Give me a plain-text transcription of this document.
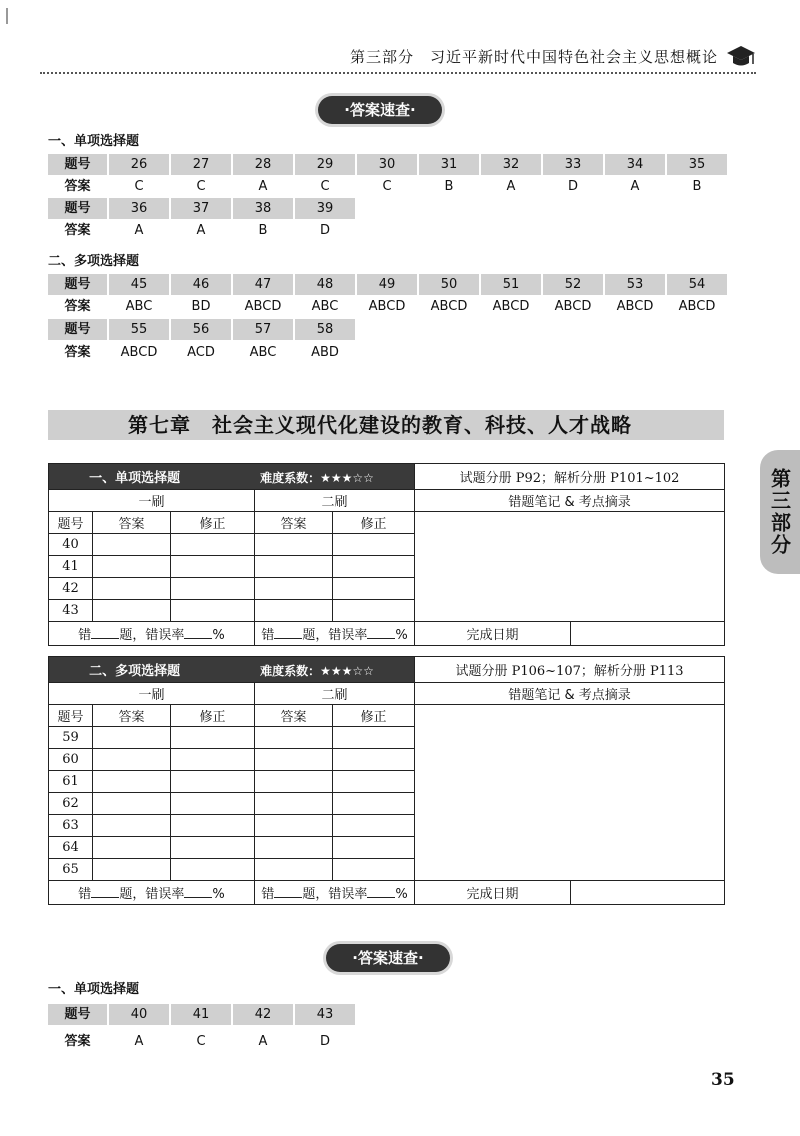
第三部分　习近平新时代中国特色社会主义思想概论
·答案速查·
一、单项选择题
题号	26	27	28	29	30	31	32	33	34	35
答案	C	C	A	C	C	B	A	D	A	B
题号	36	37	38	39
答案	A	A	B	D
二、多项选择题
题号	45	46	47	48	49	50	51	52	53	54
答案	ABC	BD	ABCD	ABC	ABCD	ABCD	ABCD	ABCD	ABCD	ABCD
题号	55	56	57	58
答案	ABCD	ACD	ABC	ABD
第七章　社会主义现代化建设的教育、科技、人才战略
第三部分
一、单项选择题 难度系数：★★★☆☆					试题分册 P92；解析分册 P101~102	
一刷			二刷		错题笔记 & 考点摘录	
题号	答案	修正	答案	修正		
40						
41						
42						
43						
错 题，错误率 %			错 题，错误率 %		完成日期	
二、多项选择题 难度系数：★★★☆☆					试题分册 P106~107；解析分册 P113	
一刷			二刷		错题笔记 & 考点摘录	
题号	答案	修正	答案	修正		
59						
60						
61						
62						
63						
64						
65						
错 题，错误率 %			错 题，错误率 %		完成日期	
·答案速查·
一、单项选择题
题号	40	41	42	43
答案	A	C	A	D
35
